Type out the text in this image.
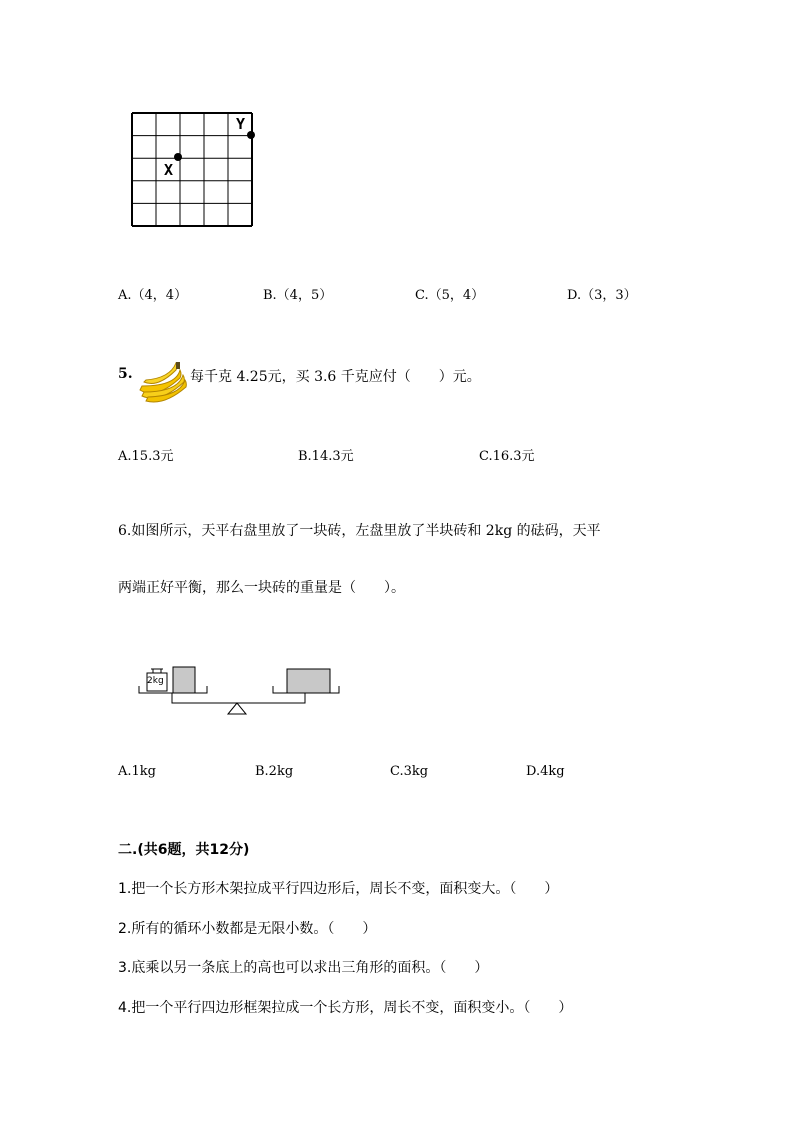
X
Y
A.（4，4）	B.（4，5）	C.（5，4）	D.（3，3）
5.	每千克 4.25元，买 3.6 千克应付（　　）元。
A.15.3元	B.14.3元	C.16.3元
6.如图所示，天平右盘里放了一块砖，左盘里放了半块砖和 2kg 的砝码，天平
两端正好平衡，那么一块砖的重量是（　　）。
2kg
A.1kg	B.2kg	C.3kg	D.4kg
二.(共6题，共12分)
1.把一个长方形木架拉成平行四边形后，周长不变，面积变大。（　　）
2.所有的循环小数都是无限小数。（　　）
3.底乘以另一条底上的高也可以求出三角形的面积。（　　）
4.把一个平行四边形框架拉成一个长方形，周长不变，面积变小。（　　）
